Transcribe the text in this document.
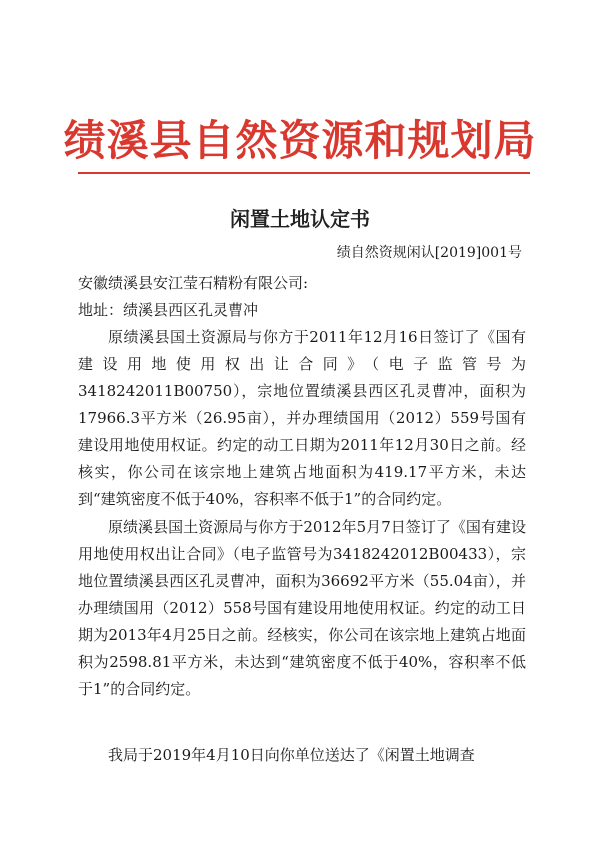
绩溪县自然资源和规划局
闲置土地认定书
绩自然资规闲认[2019]001号
安徽绩溪县安江莹石精粉有限公司:
地址：绩溪县西区孔灵曹冲
原绩溪县国土资源局与你方于2011年12月16日签订了《国有建设用地使用权出让合同》（电子监管号为3418242011B00750），宗地位置绩溪县西区孔灵曹冲，面积为17966.3平方米（26.95亩），并办理绩国用（2012）559号国有建设用地使用权证。约定的动工日期为2011年12月30日之前。经核实，你公司在该宗地上建筑占地面积为419.17平方米，未达到“建筑密度不低于40%，容积率不低于1”的合同约定。
原绩溪县国土资源局与你方于2012年5月7日签订了《国有建设用地使用权出让合同》（电子监管号为3418242012B00433），宗地位置绩溪县西区孔灵曹冲，面积为36692平方米（55.04亩），并办理绩国用（2012）558号国有建设用地使用权证。约定的动工日期为2013年4月25日之前。经核实，你公司在该宗地上建筑占地面积为2598.81平方米，未达到“建筑密度不低于40%，容积率不低于1”的合同约定。
我局于2019年4月10日向你单位送达了《闲置土地调查
